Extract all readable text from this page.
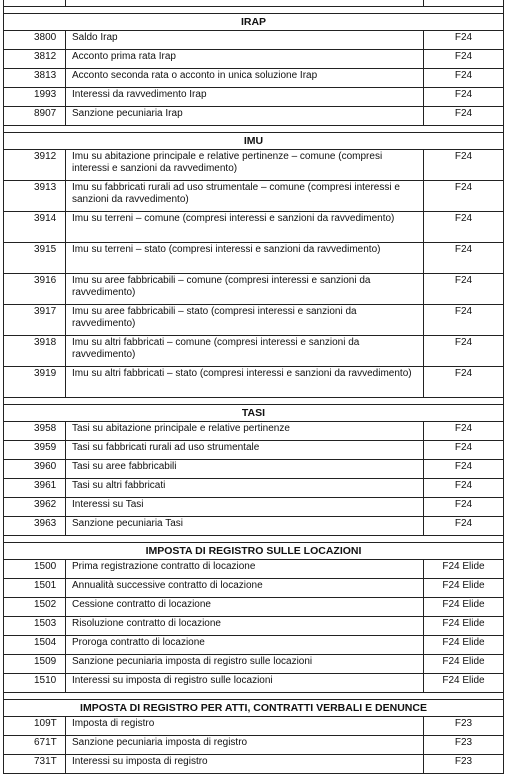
IRAP		
3800	Saldo Irap	F24
3812	Acconto prima rata Irap	F24
3813	Acconto seconda rata o acconto in unica soluzione Irap	F24
1993	Interessi da ravvedimento Irap	F24
8907	Sanzione pecuniaria Irap	F24

IMU		
3912	Imu su abitazione principale e relative pertinenze – comune (compresi interessi e sanzioni da ravvedimento)	F24
3913	Imu su fabbricati rurali ad uso strumentale – comune (compresi interessi e sanzioni da ravvedimento)	F24
3914	Imu su terreni – comune (compresi interessi e sanzioni da ravvedimento)	F24
3915	Imu su terreni – stato (compresi interessi e sanzioni da ravvedimento)	F24
3916	Imu su aree fabbricabili – comune (compresi interessi e sanzioni da ravvedimento)	F24
3917	Imu su aree fabbricabili – stato (compresi interessi e sanzioni da ravvedimento)	F24
3918	Imu su altri fabbricati – comune (compresi interessi e sanzioni da ravvedimento)	F24
3919	Imu su altri fabbricati – stato (compresi interessi e sanzioni da ravvedimento)	F24

TASI		
3958	Tasi su abitazione principale e relative pertinenze	F24
3959	Tasi su fabbricati rurali ad uso strumentale	F24
3960	Tasi su aree fabbricabili	F24
3961	Tasi su altri fabbricati	F24
3962	Interessi su Tasi	F24
3963	Sanzione pecuniaria Tasi	F24

IMPOSTA DI REGISTRO SULLE LOCAZIONI		
1500	Prima registrazione contratto di locazione	F24 Elide
1501	Annualità successive contratto di locazione	F24 Elide
1502	Cessione contratto di locazione	F24 Elide
1503	Risoluzione contratto di locazione	F24 Elide
1504	Proroga contratto di locazione	F24 Elide
1509	Sanzione pecuniaria imposta di registro sulle locazioni	F24 Elide
1510	Interessi su imposta di registro sulle locazioni	F24 Elide

IMPOSTA DI REGISTRO PER ATTI, CONTRATTI VERBALI E DENUNCE		
109T	Imposta di registro	F23
671T	Sanzione pecuniaria imposta di registro	F23
731T	Interessi su imposta di registro	F23
